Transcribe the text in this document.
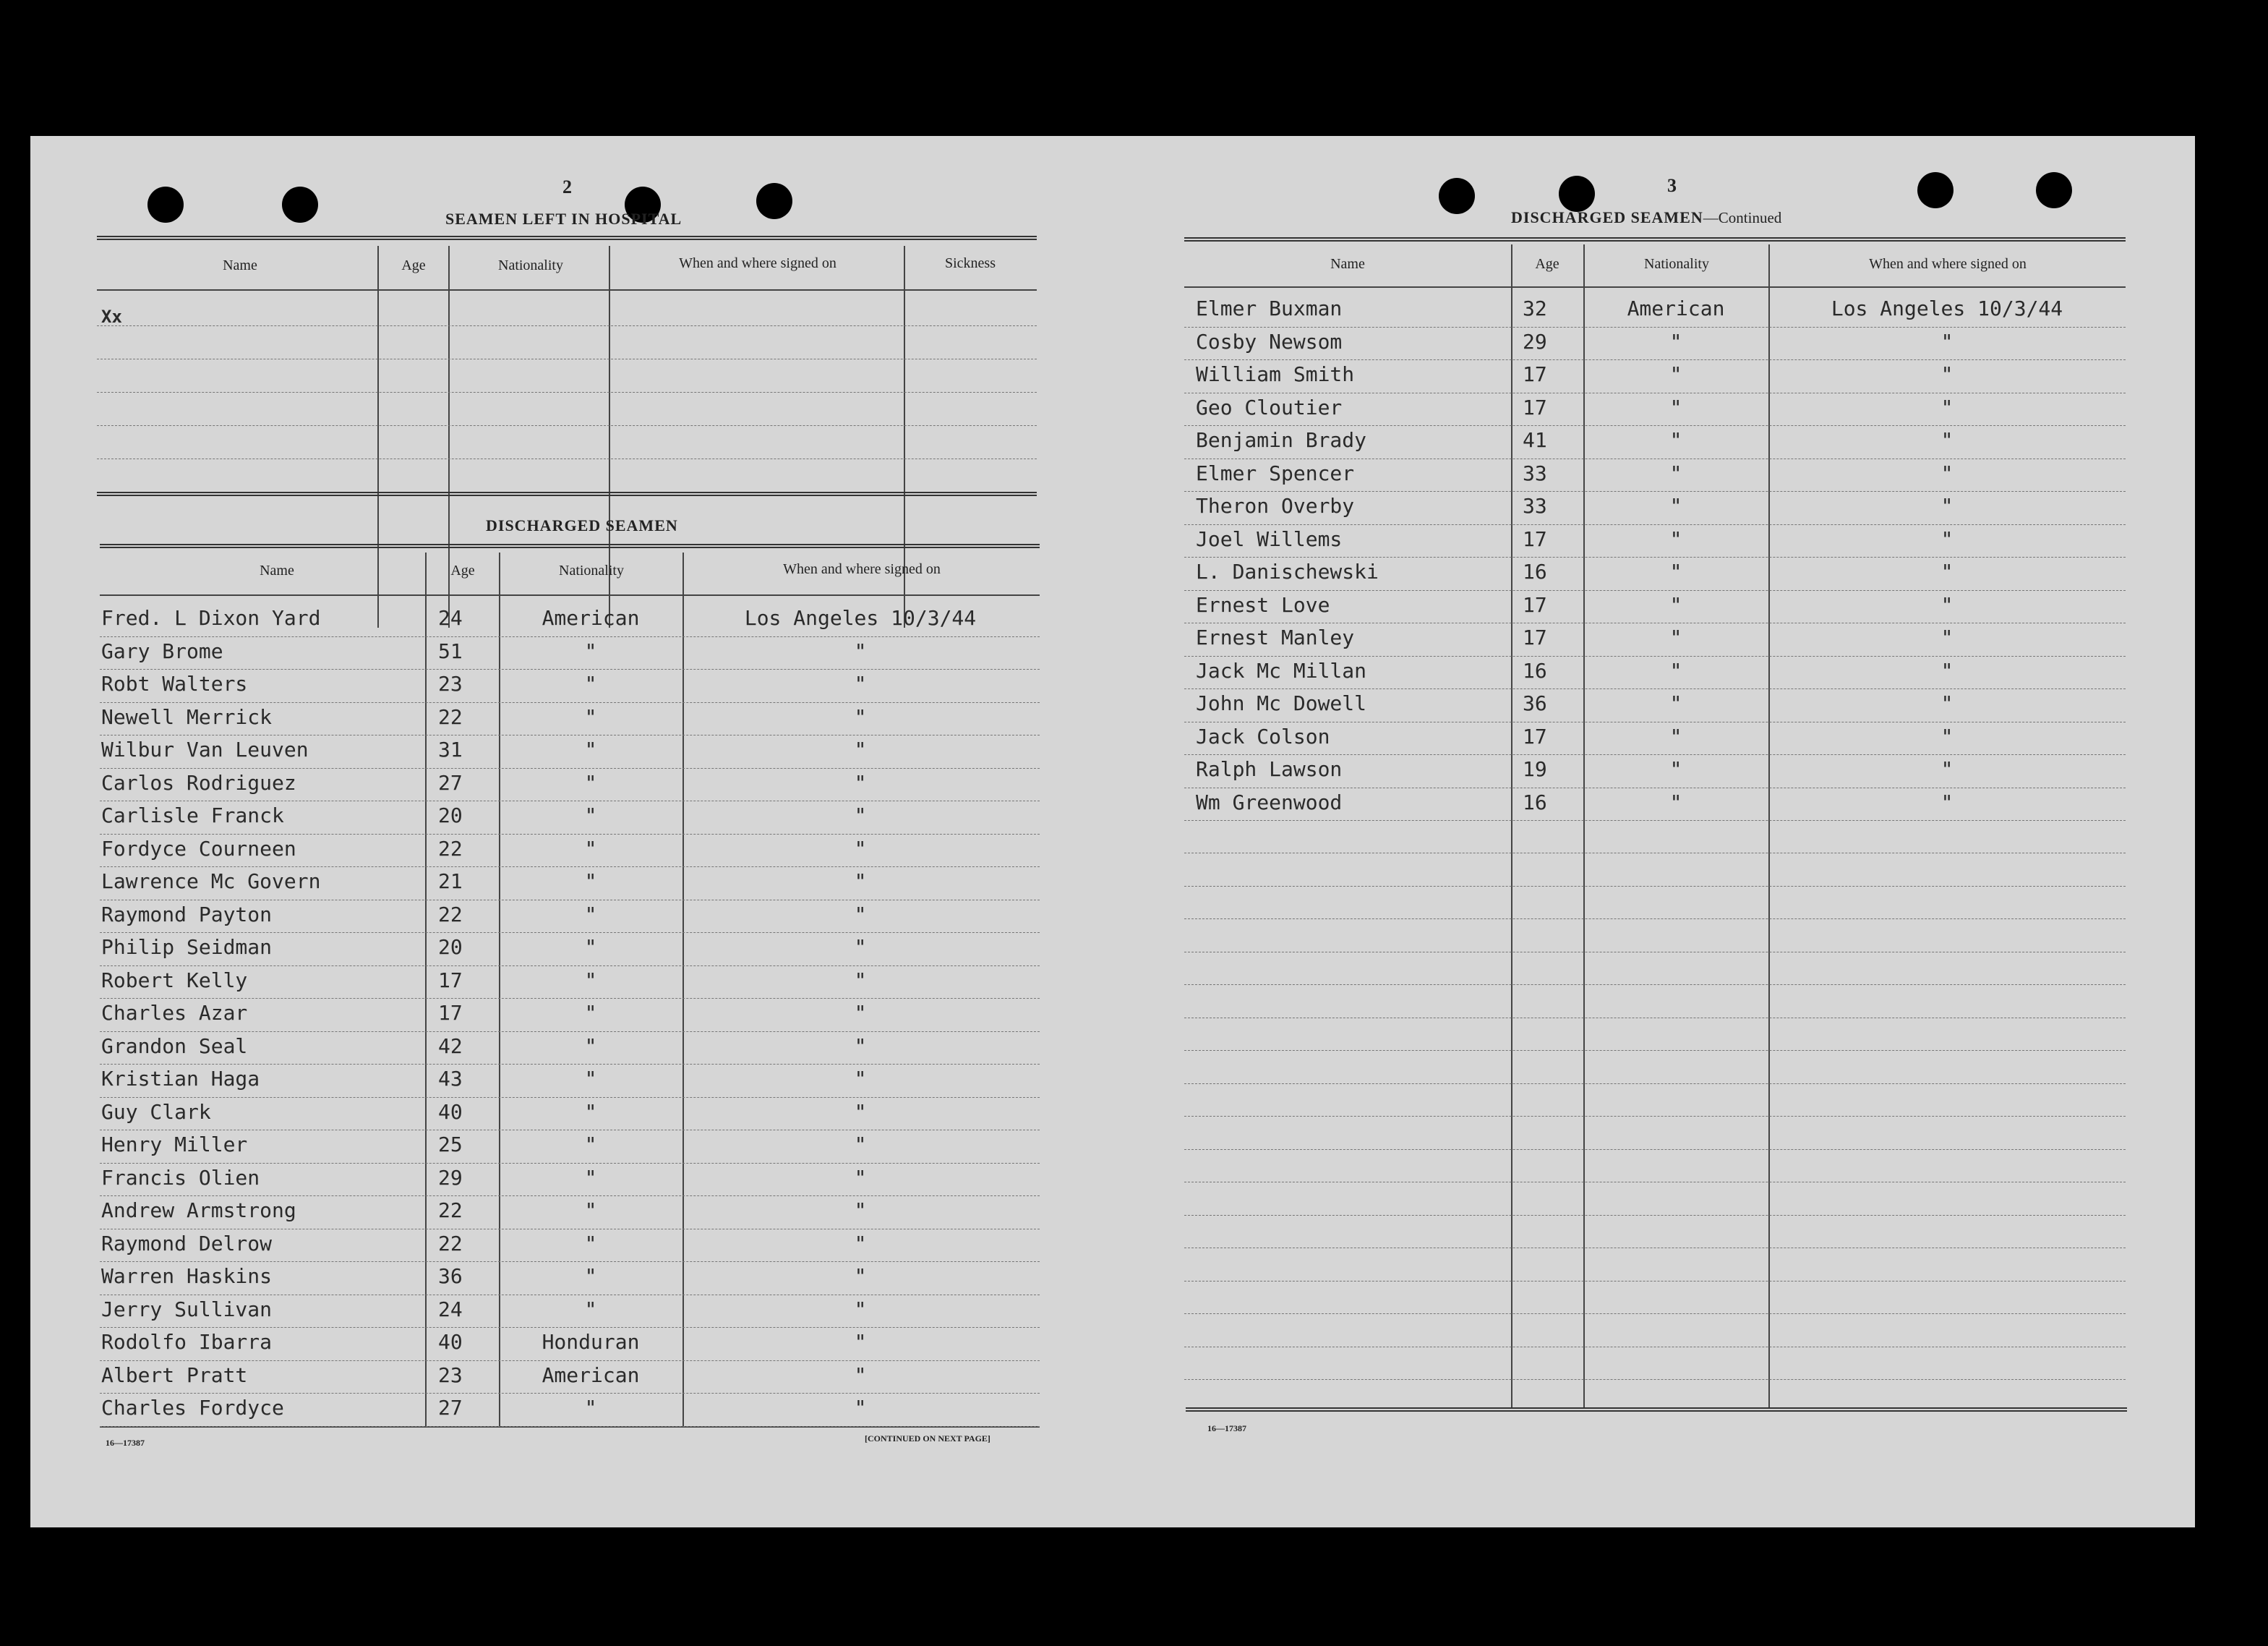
2
SEAMEN LEFT IN HOSPITAL
Name	Age	Nationality	When and where signed on	Sickness
Xx
DISCHARGED SEAMEN
Name	Age	Nationality	When and where signed on
Fred. L Dixon Yard	24	American	Los Angeles 10/3/44
Gary Brome	51	"	"
Robt Walters	23	"	"
Newell Merrick	22	"	"
Wilbur Van Leuven	31	"	"
Carlos Rodriguez	27	"	"
Carlisle Franck	20	"	"
Fordyce Courneen	22	"	"
Lawrence Mc Govern	21	"	"
Raymond Payton	22	"	"
Philip Seidman	20	"	"
Robert Kelly	17	"	"
Charles Azar	17	"	"
Grandon Seal	42	"	"
Kristian Haga	43	"	"
Guy Clark	40	"	"
Henry Miller	25	"	"
Francis Olien	29	"	"
Andrew Armstrong	22	"	"
Raymond Delrow	22	"	"
Warren Haskins	36	"	"
Jerry Sullivan	24	"	"
Rodolfo Ibarra	40	Honduran	"
Albert Pratt	23	American	"
Charles Fordyce	27	"	"
16—17387	[CONTINUED ON NEXT PAGE]
3
DISCHARGED SEAMEN—Continued
Name	Age	Nationality	When and where signed on
Elmer Buxman	32	American	Los Angeles 10/3/44
Cosby Newsom	29	"	"
William Smith	17	"	"
Geo Cloutier	17	"	"
Benjamin Brady	41	"	"
Elmer Spencer	33	"	"
Theron Overby	33	"	"
Joel Willems	17	"	"
L. Danischewski	16	"	"
Ernest Love	17	"	"
Ernest Manley	17	"	"
Jack Mc Millan	16	"	"
John Mc Dowell	36	"	"
Jack Colson	17	"	"
Ralph Lawson	19	"	"
Wm Greenwood	16	"	"
16—17387
